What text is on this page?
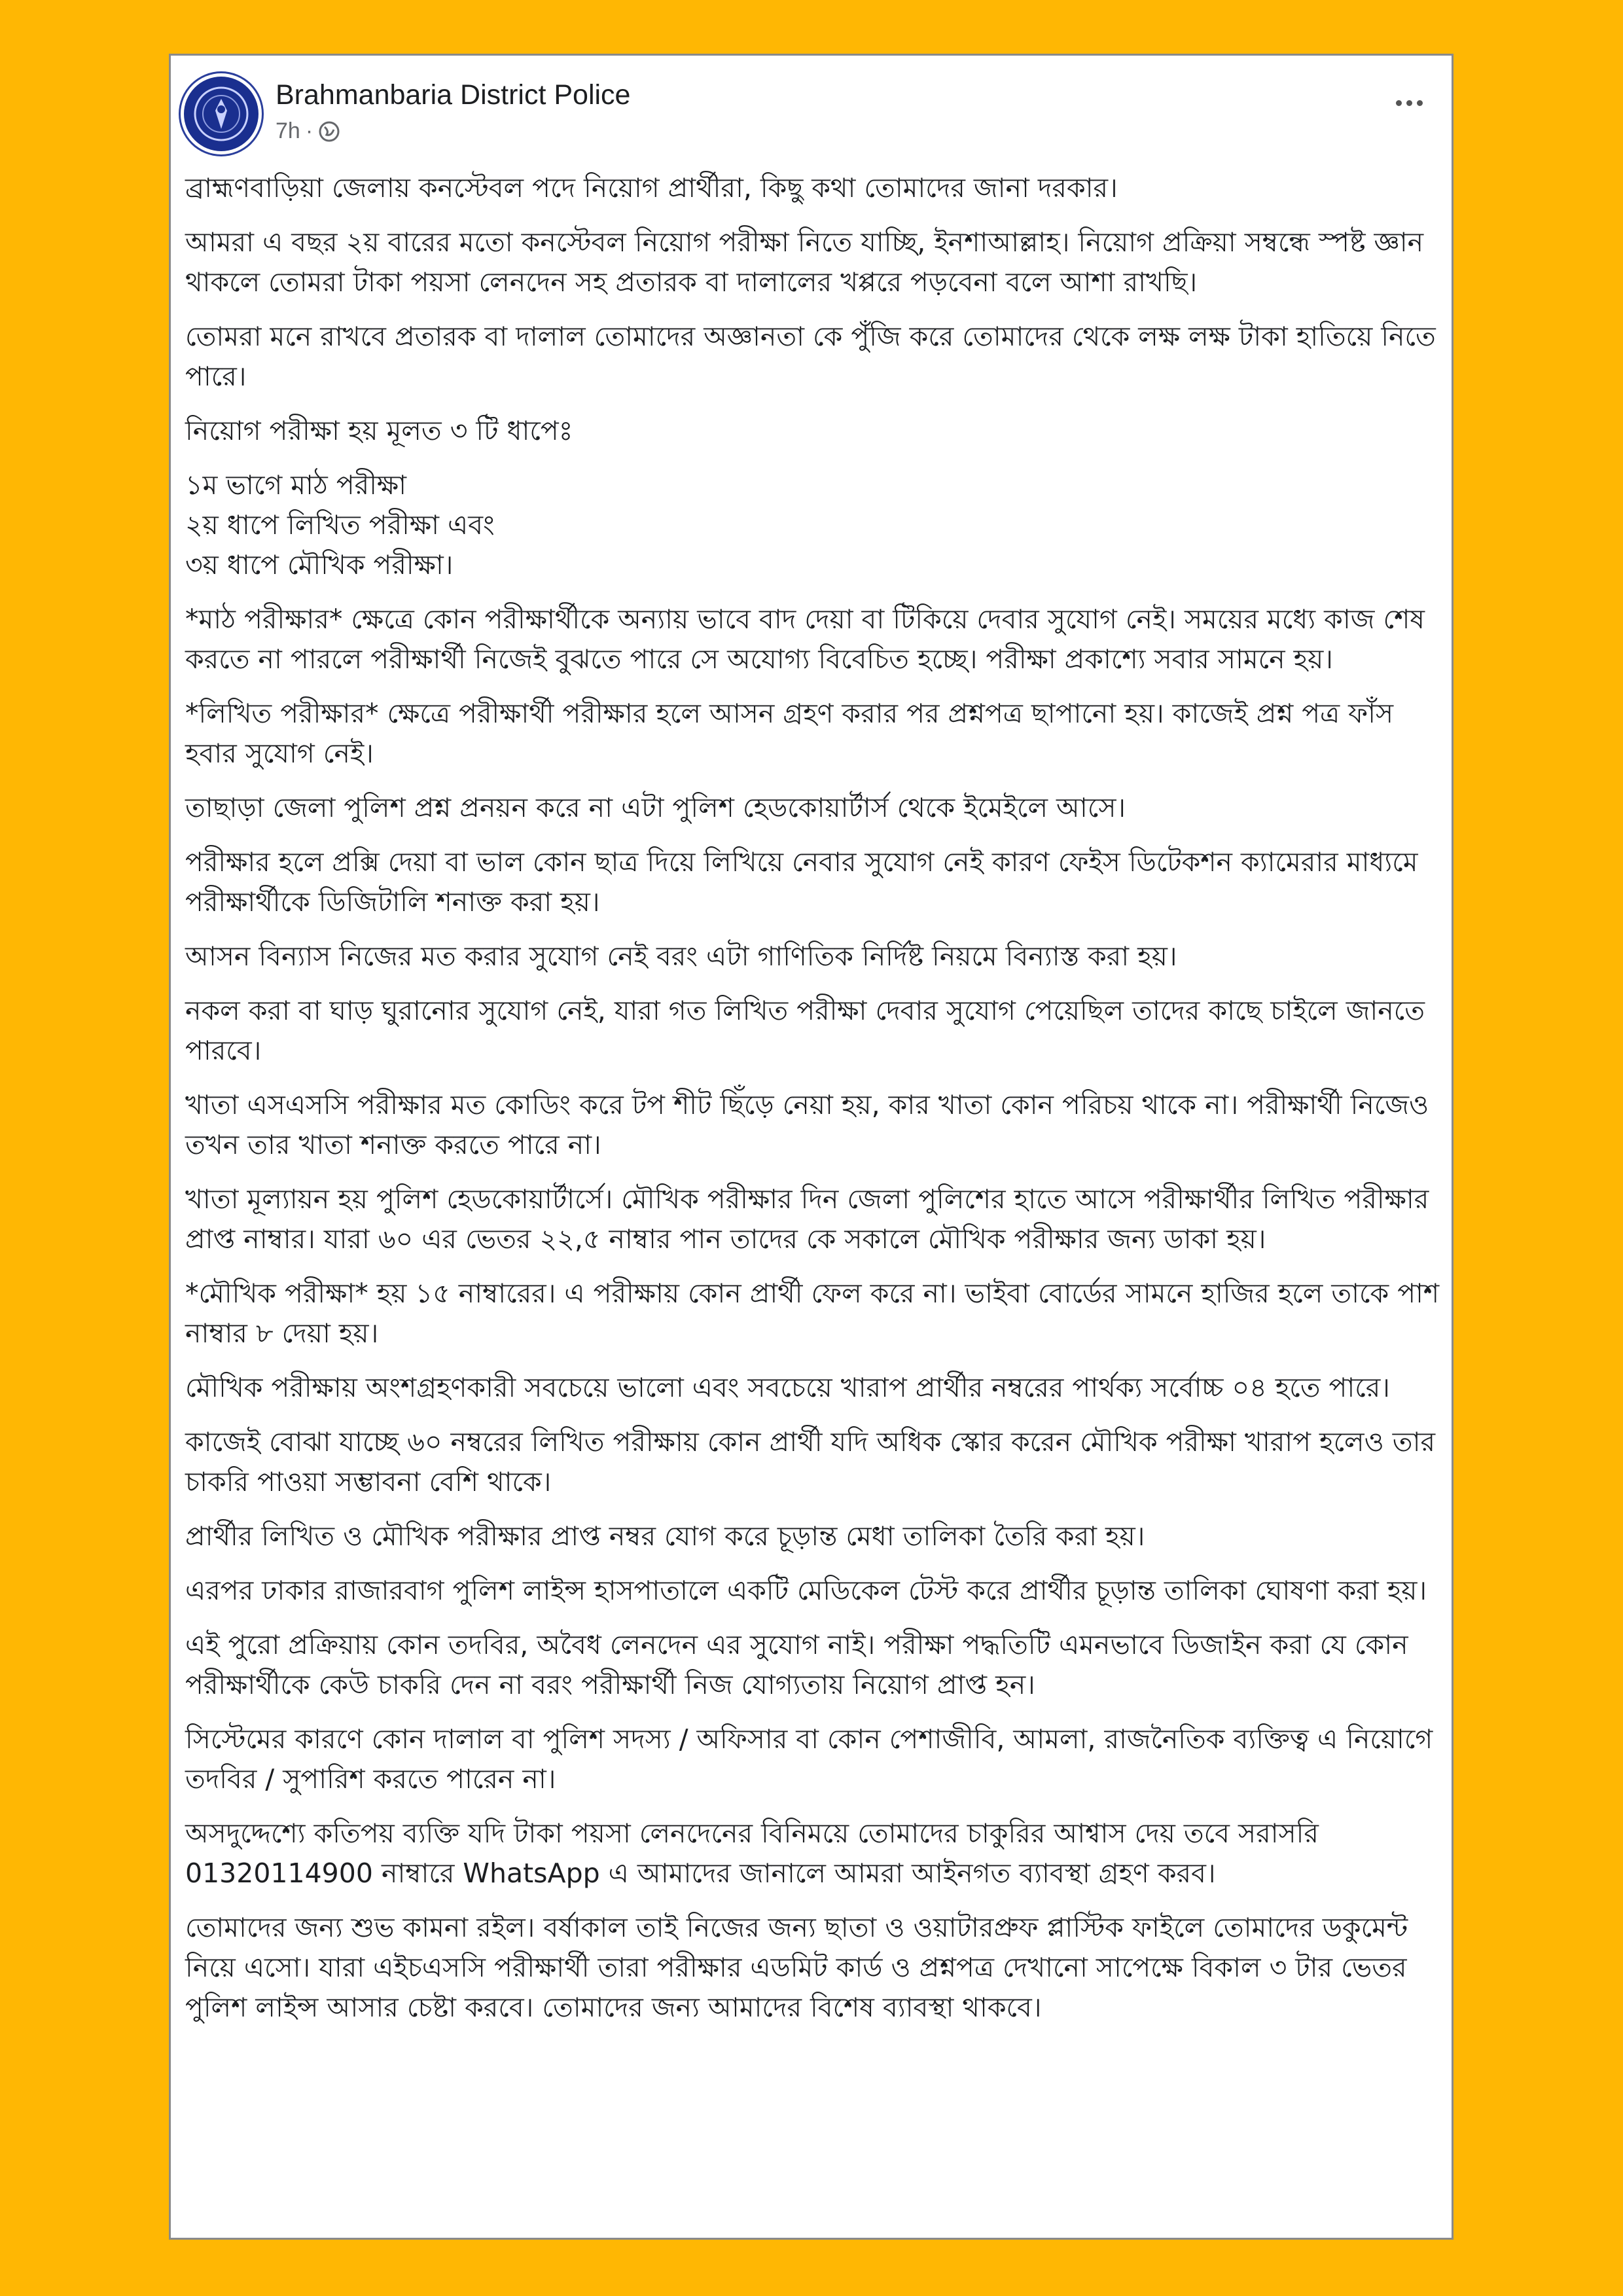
Brahmanbaria District Police
7h ·

ব্রাহ্মণবাড়িয়া জেলায় কনস্টেবল পদে নিয়োগ প্রার্থীরা, কিছু কথা তোমাদের জানা দরকার।

আমরা এ বছর ২য় বারের মতো কনস্টেবল নিয়োগ পরীক্ষা নিতে যাচ্ছি, ইনশাআল্লাহ। নিয়োগ প্রক্রিয়া সম্বন্ধে স্পষ্ট জ্ঞান থাকলে তোমরা টাকা পয়সা লেনদেন সহ প্রতারক বা দালালের খপ্পরে পড়বেনা বলে আশা রাখছি।

তোমরা মনে রাখবে প্রতারক বা দালাল তোমাদের অজ্ঞানতা কে পুঁজি করে তোমাদের থেকে লক্ষ লক্ষ টাকা হাতিয়ে নিতে পারে।

নিয়োগ পরীক্ষা হয় মূলত ৩ টি ধাপেঃ

১ম ভাগে মাঠ পরীক্ষা
২য় ধাপে লিখিত পরীক্ষা এবং
৩য় ধাপে মৌখিক পরীক্ষা।

*মাঠ পরীক্ষার* ক্ষেত্রে কোন পরীক্ষার্থীকে অন্যায় ভাবে বাদ দেয়া বা টিকিয়ে দেবার সুযোগ নেই। সময়ের মধ্যে কাজ শেষ করতে না পারলে পরীক্ষার্থী নিজেই বুঝতে পারে সে অযোগ্য বিবেচিত হচ্ছে। পরীক্ষা প্রকাশ্যে সবার সামনে হয়।

*লিখিত পরীক্ষার* ক্ষেত্রে পরীক্ষার্থী পরীক্ষার হলে আসন গ্রহণ করার পর প্রশ্নপত্র ছাপানো হয়। কাজেই প্রশ্ন পত্র ফাঁস হবার সুযোগ নেই।

তাছাড়া জেলা পুলিশ প্রশ্ন প্রনয়ন করে না এটা পুলিশ হেডকোয়ার্টার্স থেকে ইমেইলে আসে।

পরীক্ষার হলে প্রক্সি দেয়া বা ভাল কোন ছাত্র দিয়ে লিখিয়ে নেবার সুযোগ নেই কারণ ফেইস ডিটেকশন ক্যামেরার মাধ্যমে পরীক্ষার্থীকে ডিজিটালি শনাক্ত করা হয়।

আসন বিন্যাস নিজের মত করার সুযোগ নেই বরং এটা গাণিতিক নির্দিষ্ট নিয়মে বিন্যাস্ত করা হয়।

নকল করা বা ঘাড় ঘুরানোর সুযোগ নেই, যারা গত লিখিত পরীক্ষা দেবার সুযোগ পেয়েছিল তাদের কাছে চাইলে জানতে পারবে।

খাতা এসএসসি পরীক্ষার মত কোডিং করে টপ শীট ছিঁড়ে নেয়া হয়, কার খাতা কোন পরিচয় থাকে না। পরীক্ষার্থী নিজেও তখন তার খাতা শনাক্ত করতে পারে না।

খাতা মূল্যায়ন হয় পুলিশ হেডকোয়ার্টার্সে। মৌখিক পরীক্ষার দিন জেলা পুলিশের হাতে আসে পরীক্ষার্থীর লিখিত পরীক্ষার প্রাপ্ত নাম্বার। যারা ৬০ এর ভেতর ২২,৫ নাম্বার পান তাদের কে সকালে মৌখিক পরীক্ষার জন্য ডাকা হয়।

*মৌখিক পরীক্ষা* হয় ১৫ নাম্বারের। এ পরীক্ষায় কোন প্রার্থী ফেল করে না। ভাইবা বোর্ডের সামনে হাজির হলে তাকে পাশ নাম্বার ৮ দেয়া হয়।

মৌখিক পরীক্ষায় অংশগ্রহণকারী সবচেয়ে ভালো এবং সবচেয়ে খারাপ প্রার্থীর নম্বরের পার্থক্য সর্বোচ্চ ০৪ হতে পারে।

কাজেই বোঝা যাচ্ছে ৬০ নম্বরের লিখিত পরীক্ষায় কোন প্রার্থী যদি অধিক স্কোর করেন মৌখিক পরীক্ষা খারাপ হলেও তার চাকরি পাওয়া সম্ভাবনা বেশি থাকে।

প্রার্থীর লিখিত ও মৌখিক পরীক্ষার প্রাপ্ত নম্বর যোগ করে চূড়ান্ত মেধা তালিকা তৈরি করা হয়।

এরপর ঢাকার রাজারবাগ পুলিশ লাইন্স হাসপাতালে একটি মেডিকেল টেস্ট করে প্রার্থীর চূড়ান্ত তালিকা ঘোষণা করা হয়।

এই পুরো প্রক্রিয়ায় কোন তদবির, অবৈধ লেনদেন এর সুযোগ নাই। পরীক্ষা পদ্ধতিটি এমনভাবে ডিজাইন করা যে কোন পরীক্ষার্থীকে কেউ চাকরি দেন না বরং পরীক্ষার্থী নিজ যোগ্যতায় নিয়োগ প্রাপ্ত হন।

সিস্টেমের কারণে কোন দালাল বা পুলিশ সদস্য / অফিসার বা কোন পেশাজীবি, আমলা, রাজনৈতিক ব্যক্তিত্ব এ নিয়োগে তদবির / সুপারিশ করতে পারেন না।

অসদুদ্দেশ্যে কতিপয় ব্যক্তি যদি টাকা পয়সা লেনদেনের বিনিময়ে তোমাদের চাকুরির আশ্বাস দেয় তবে সরাসরি 01320114900 নাম্বারে WhatsApp এ আমাদের জানালে আমরা আইনগত ব্যাবস্থা গ্রহণ করব।

তোমাদের জন্য শুভ কামনা রইল। বর্ষাকাল তাই নিজের জন্য ছাতা ও ওয়াটারপ্রুফ প্লাস্টিক ফাইলে তোমাদের ডকুমেন্ট নিয়ে এসো। যারা এইচএসসি পরীক্ষার্থী তারা পরীক্ষার এডমিট কার্ড ও প্রশ্নপত্র দেখানো সাপেক্ষে বিকাল ৩ টার ভেতর পুলিশ লাইন্স আসার চেষ্টা করবে। তোমাদের জন্য আমাদের বিশেষ ব্যাবস্থা থাকবে।
